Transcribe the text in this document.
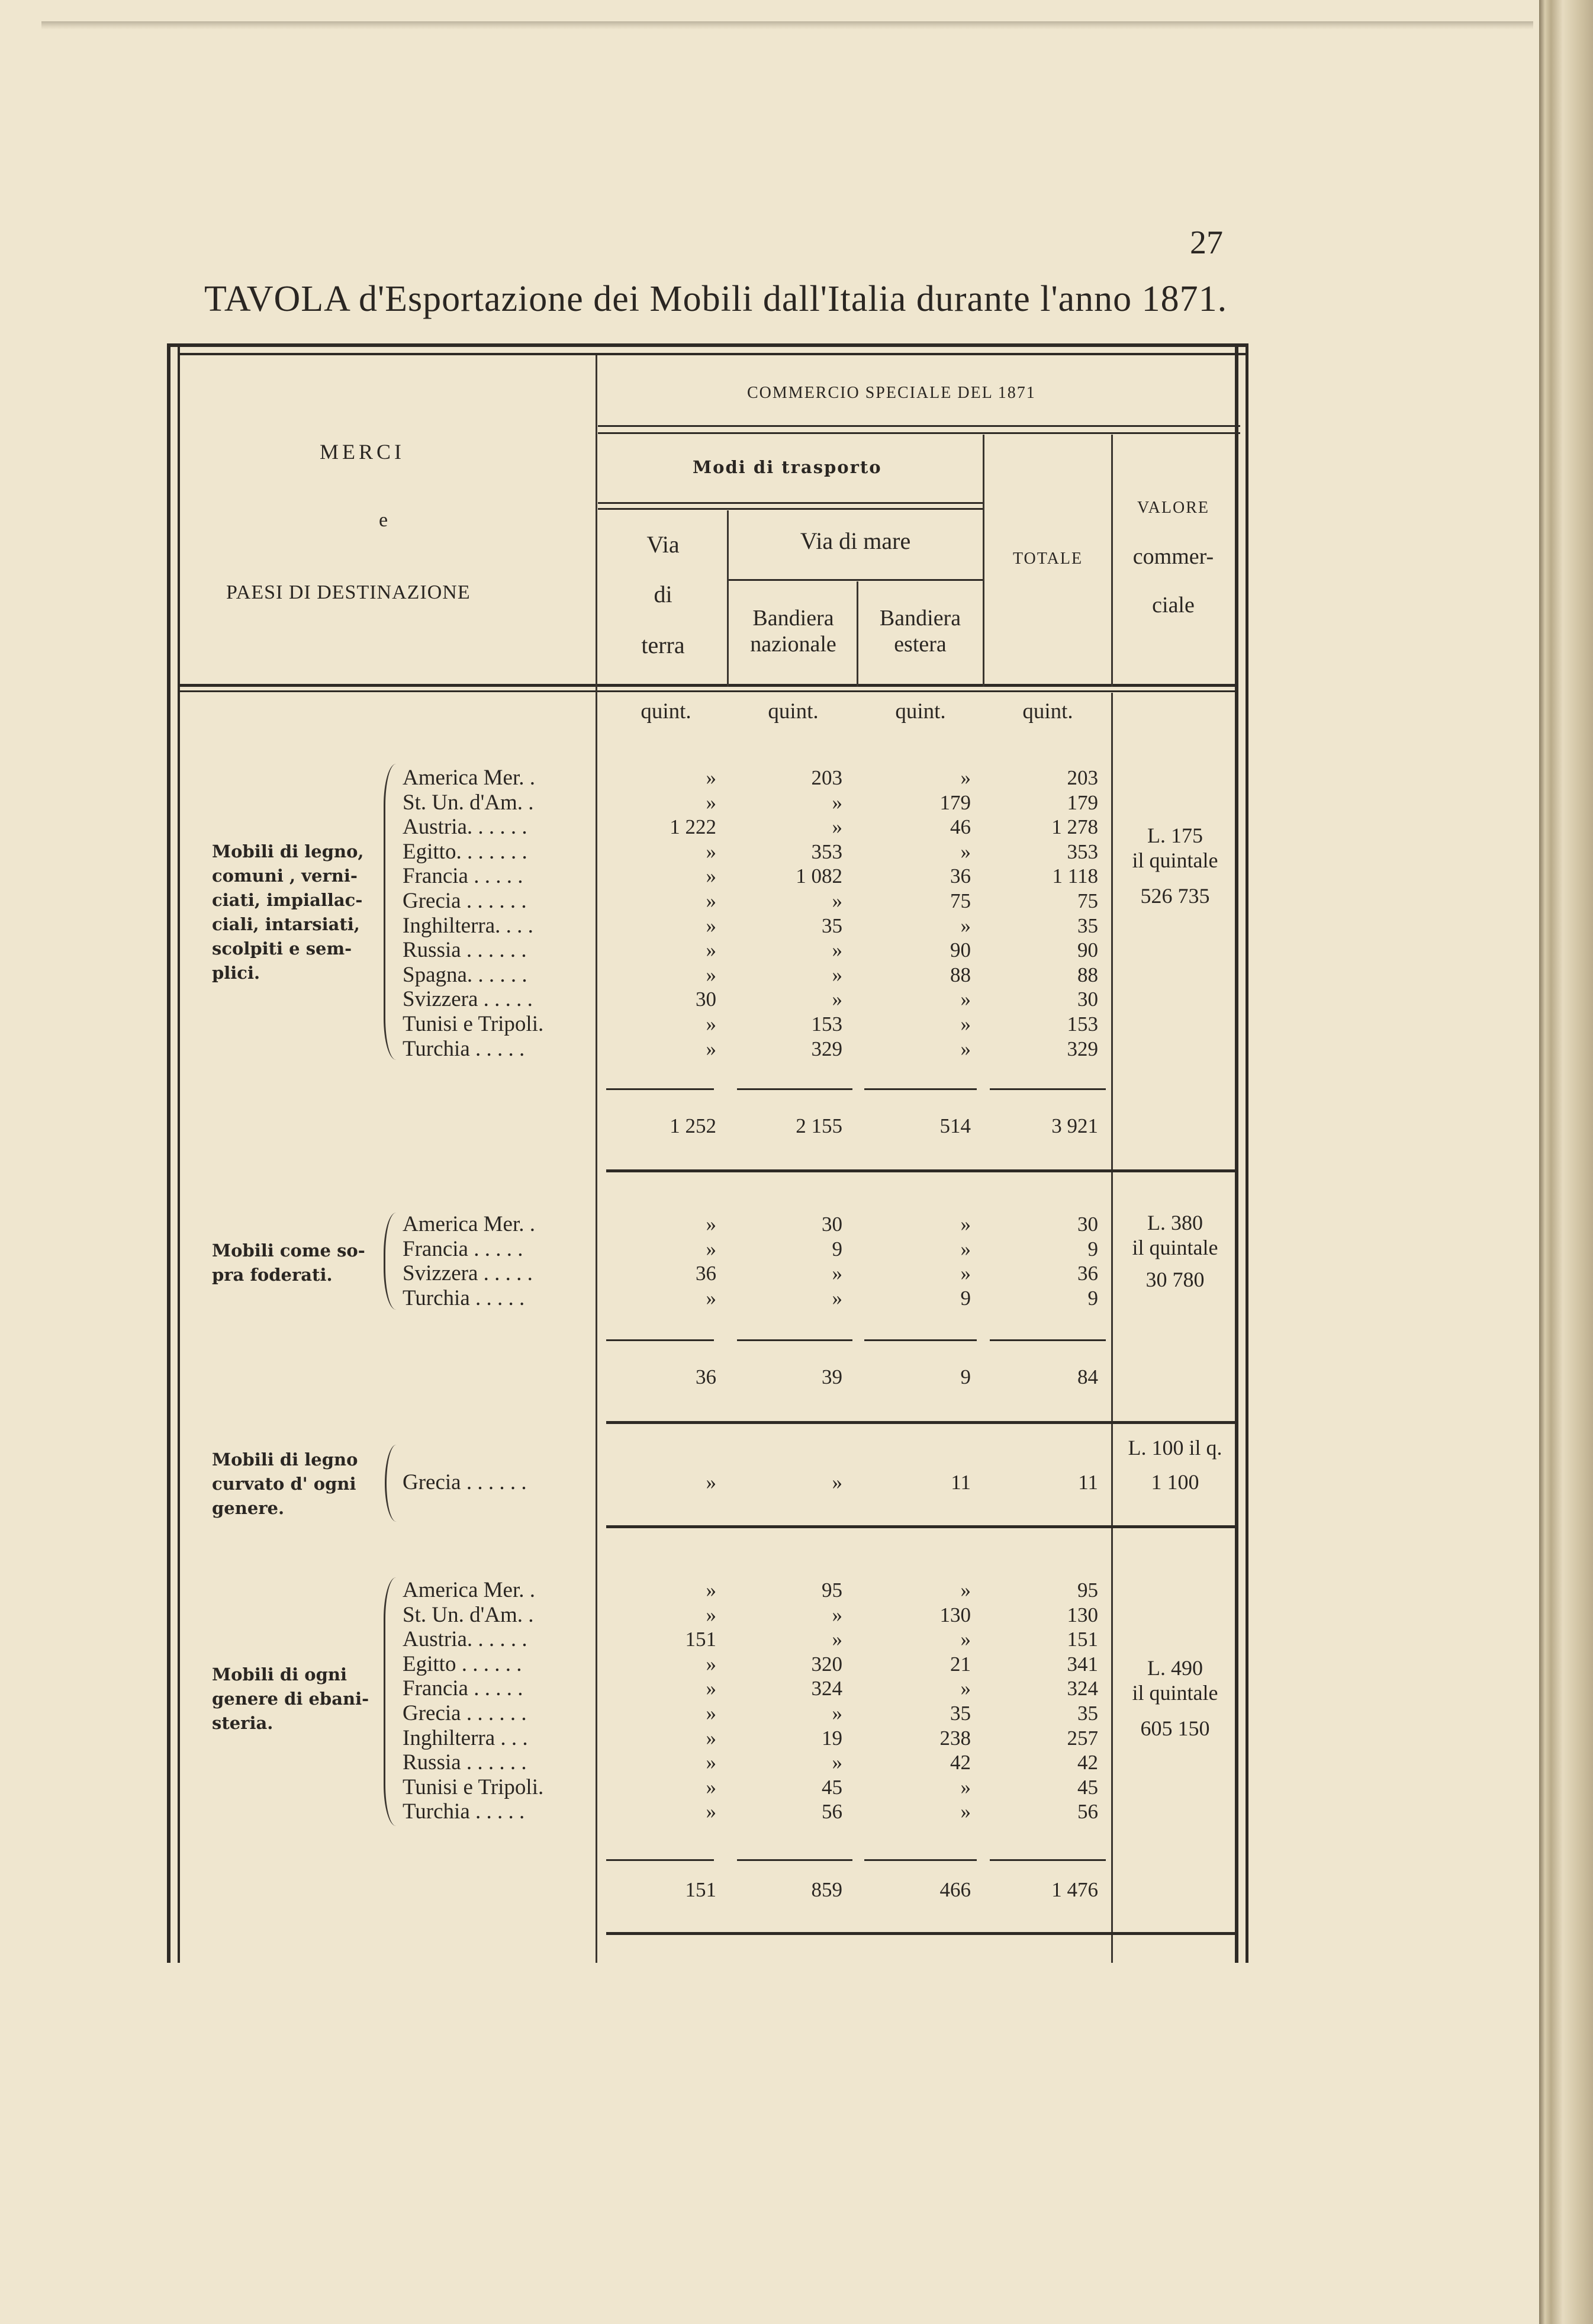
27
TAVOLA d'Esportazione dei Mobili dall'Italia durante l'anno 1871.
MERCI
e
PAESI DI DESTINAZIONE
COMMERCIO SPECIALE DEL 1871
Modi di trasporto
Via
di
terra
Via di mare
Bandiera
nazionale
Bandiera
estera
TOTALE
VALORE
commer-
ciale
quint.	quint.	quint.	quint.
Mobili di legno,
comuni , verni-
ciati, impiallac-
ciali, intarsiati,
scolpiti e sem-
plici.
America Mer. .	»	203	»	203
St. Un. d'Am. .	»	»	179	179
Austria. . . . . .	1 222	»	46	1 278
Egitto. . . . . . .	»	353	»	353
Francia . . . . .	»	1 082	36	1 118
Grecia . . . . . .	»	»	75	75
Inghilterra. . . .	»	35	»	35
Russia . . . . . .	»	»	90	90
Spagna. . . . . .	»	»	88	88
Svizzera . . . . .	30	»	»	30
Tunisi e Tripoli.	»	153	»	153
Turchia . . . . .	»	329	»	329
L. 175
il quintale
526 735
1 252	2 155	514	3 921
Mobili come so-
pra foderati.
America Mer. .	»	30	»	30
Francia . . . . .	»	9	»	9
Svizzera . . . . .	36	»	»	36
Turchia . . . . .	»	»	9	9
L. 380
il quintale
30 780
36	39	9	84
Mobili di legno
curvato d' ogni
genere.
Grecia . . . . . .	»	»	11	11
L. 100 il q.
1 100
Mobili di ogni
genere di ebani-
steria.
America Mer. .	»	95	»	95
St. Un. d'Am. .	»	»	130	130
Austria. . . . . .	151	»	»	151
Egitto . . . . . .	»	320	21	341
Francia . . . . .	»	324	»	324
Grecia . . . . . .	»	»	35	35
Inghilterra . . .	»	19	238	257
Russia . . . . . .	»	»	42	42
Tunisi e Tripoli.	»	45	»	45
Turchia . . . . .	»	56	»	56
L. 490
il quintale
605 150
151	859	466	1 476
